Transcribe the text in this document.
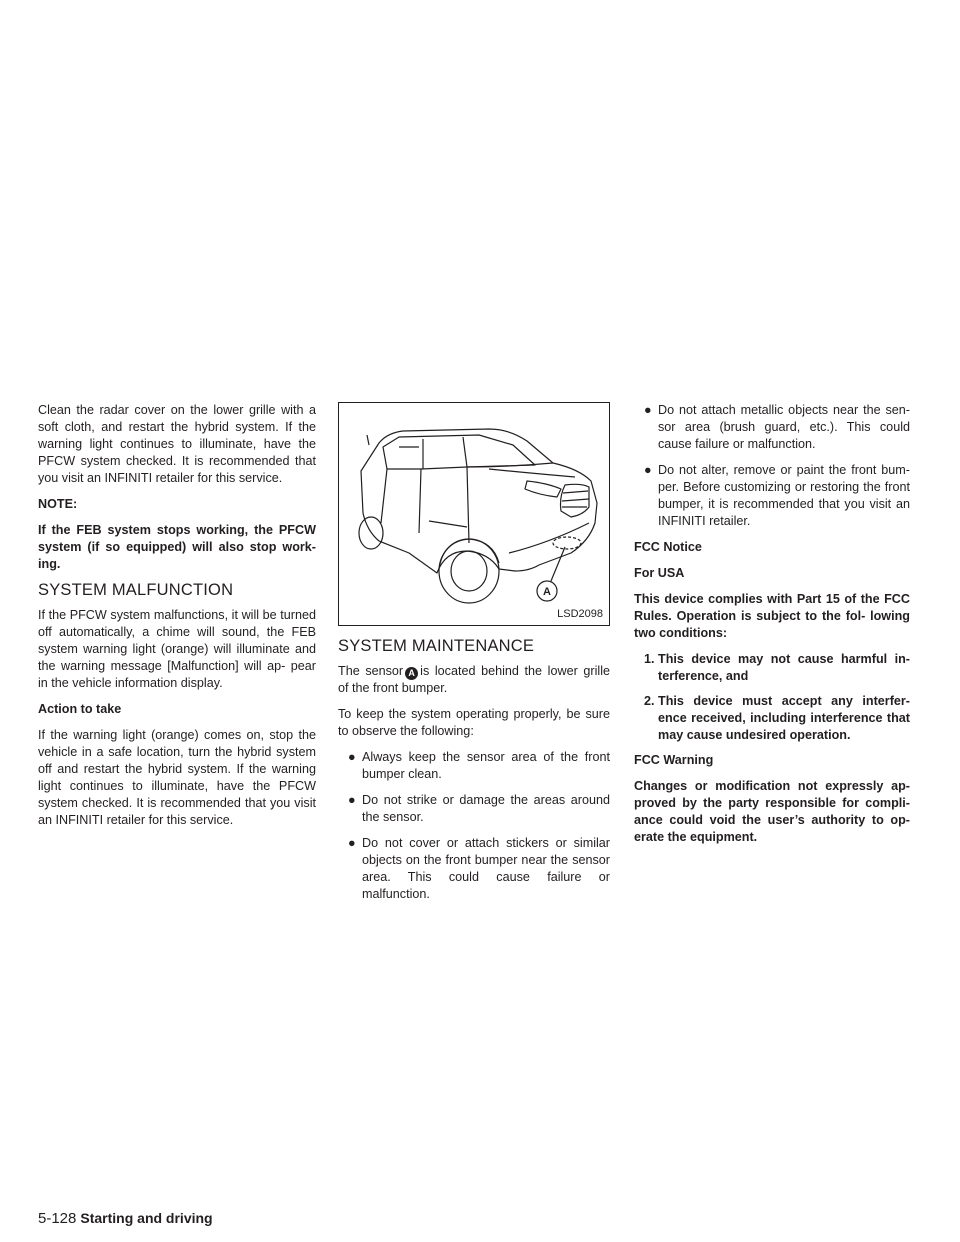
Clean the radar cover on the lower grille with a soft cloth, and restart the hybrid system. If the warning light continues to illuminate, have the PFCW system checked. It is recommended that you visit an INFINITI retailer for this service.

NOTE:

If the FEB system stops working, the PFCW system (if so equipped) will also stop work- ing.

SYSTEM MALFUNCTION

If the PFCW system malfunctions, it will be turned off automatically, a chime will sound, the FEB system warning light (orange) will illuminate and the warning message [Malfunction] will ap- pear in the vehicle information display.

Action to take

If the warning light (orange) comes on, stop the vehicle in a safe location, turn the hybrid system off and restart the hybrid system. If the warning light continues to illuminate, have the PFCW system checked. It is recommended that you visit an INFINITI retailer for this service.

A
LSD2098
SYSTEM MAINTENANCE

The sensor A is located behind the lower grille of the front bumper.

To keep the system operating properly, be sure to observe the following:

● Always keep the sensor area of the front bumper clean.
● Do not strike or damage the areas around the sensor.
● Do not cover or attach stickers or similar objects on the front bumper near the sensor area. This could cause failure or malfunction.
● Do not attach metallic objects near the sen- sor area (brush guard, etc.). This could cause failure or malfunction.
● Do not alter, remove or paint the front bum- per. Before customizing or restoring the front bumper, it is recommended that you visit an INFINITI retailer.

FCC Notice

For USA

This device complies with Part 15 of the FCC Rules. Operation is subject to the fol- lowing two conditions:

1. This device may not cause harmful in- terference, and
2. This device must accept any interfer- ence received, including interference that may cause undesired operation.

FCC Warning

Changes or modification not expressly ap- proved by the party responsible for compli- ance could void the user’s authority to op- erate the equipment.

5-128 Starting and driving
